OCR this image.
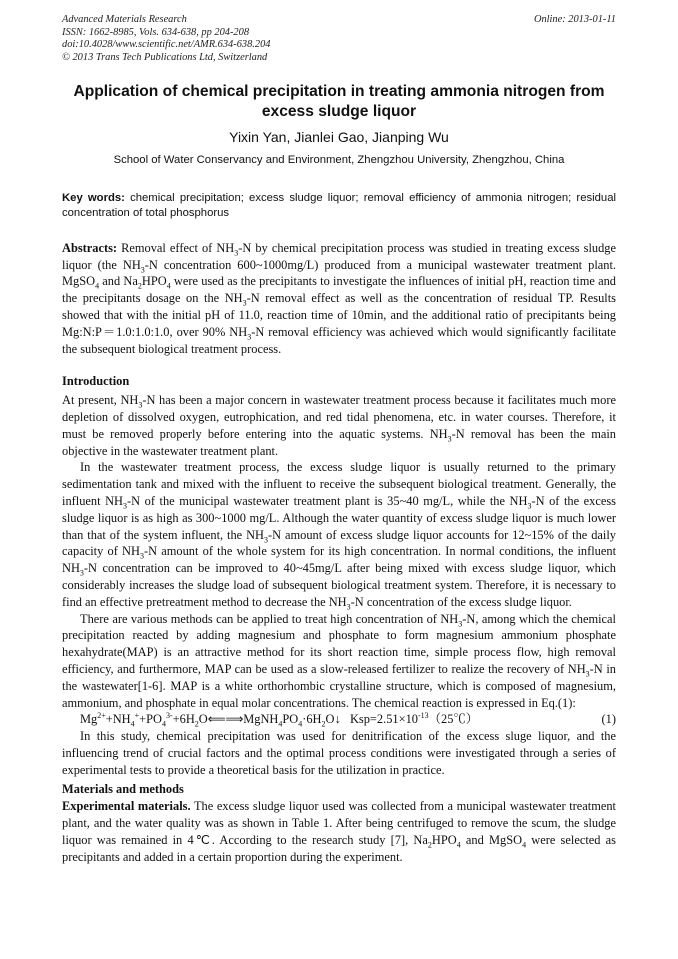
Advanced Materials Research
ISSN: 1662-8985, Vols. 634-638, pp 204-208
doi:10.4028/www.scientific.net/AMR.634-638.204
© 2013 Trans Tech Publications Ltd, Switzerland
Online: 2013-01-11
Application of chemical precipitation in treating ammonia nitrogen from excess sludge liquor
Yixin Yan, Jianlei Gao, Jianping Wu
School of Water Conservancy and Environment, Zhengzhou University, Zhengzhou, China
Key words: chemical precipitation; excess sludge liquor; removal efficiency of ammonia nitrogen; residual concentration of total phosphorus
Abstracts: Removal effect of $NH_3-N$ by chemical precipitation process was studied in treating excess sludge liquor (the $NH_3-N$ concentration 600~1000mg/L) produced from a municipal wastewater treatment plant. MgSO$_4$ and $Na_2HPO_4$ were used as the precipitants to investigate the influences of initial pH, reaction time and the precipitants dosage on the $NH_3-N$ removal effect as well as the concentration of residual TP. Results showed that with the initial pH of 11.0, reaction time of 10min, and the additional ratio of precipitants being Mg:N:P＝1.0:1.0:1.0, over 90% $NH_3-N$ removal efficiency was achieved which would significantly facilitate the subsequent biological treatment process.
Introduction

At present, $NH_3-N$ has been a major concern in wastewater treatment process because it facilitates much more depletion of dissolved oxygen, eutrophication, and red tidal phenomena, etc. in water courses. Therefore, it must be removed properly before entering into the aquatic systems. $NH_3-N$ removal has been the main objective in the wastewater treatment plant.

In the wastewater treatment process, the excess sludge liquor is usually returned to the primary sedimentation tank and mixed with the influent to receive the subsequent biological treatment. Generally, the influent $NH_3-N$ of the municipal wastewater treatment plant is 35~40 mg/L, while the $NH_3-N$ of the excess sludge liquor is as high as 300~1000 mg/L. Although the water quantity of excess sludge liquor is much lower than that of the system influent, the $NH_3-N$ amount of excess sludge liquor accounts for 12~15% of the daily capacity of $NH_3-N$ amount of the whole system for its high concentration. In normal conditions, the influent $NH_3-N$ concentration can be improved to 40~45mg/L after being mixed with excess sludge liquor, which considerably increases the sludge load of subsequent biological treatment system. Therefore, it is necessary to find an effective pretreatment method to decrease the $NH_3-N$ concentration of the excess sludge liquor.

There are various methods can be applied to treat high concentration of $NH_3-N$, among which the chemical precipitation reacted by adding magnesium and phosphate to form magnesium ammonium phosphate hexahydrate(MAP) is an attractive method for its short reaction time, simple process flow, high removal efficiency, and furthermore, MAP can be used as a slow-released fertilizer to realize the recovery of $NH_3-N$ in the wastewater[1-6]. MAP is a white orthorhombic crystalline structure, which is composed of magnesium, ammonium, and phosphate in equal molar concentrations. The chemical reaction is expressed in Eq.(1):

$Mg^{2+}+NH_4^++PO_4^{3-}+6H_2O⟸⟹MgNH_4PO_4\cdot 6H_2O↓$ $Ksp=2.51\times 10^{-13}(25℃)$	(1)

In this study, chemical precipitation was used for denitrification of the excess sluge liquor, and the influencing trend of crucial factors and the optimal process conditions were investigated through a series of experimental tests to provide a theoretical basis for the utilization in practice.

Materials and methods
Experimental materials. The excess sludge liquor used was collected from a municipal wastewater treatment plant, and the water quality was as shown in Table 1. After being centrifuged to remove the scum, the sludge liquor was remained in 4℃. According to the research study [7], $Na_2HPO_4$ and MgSO$_4$ were selected as precipitants and added in a certain proportion during the experiment.
